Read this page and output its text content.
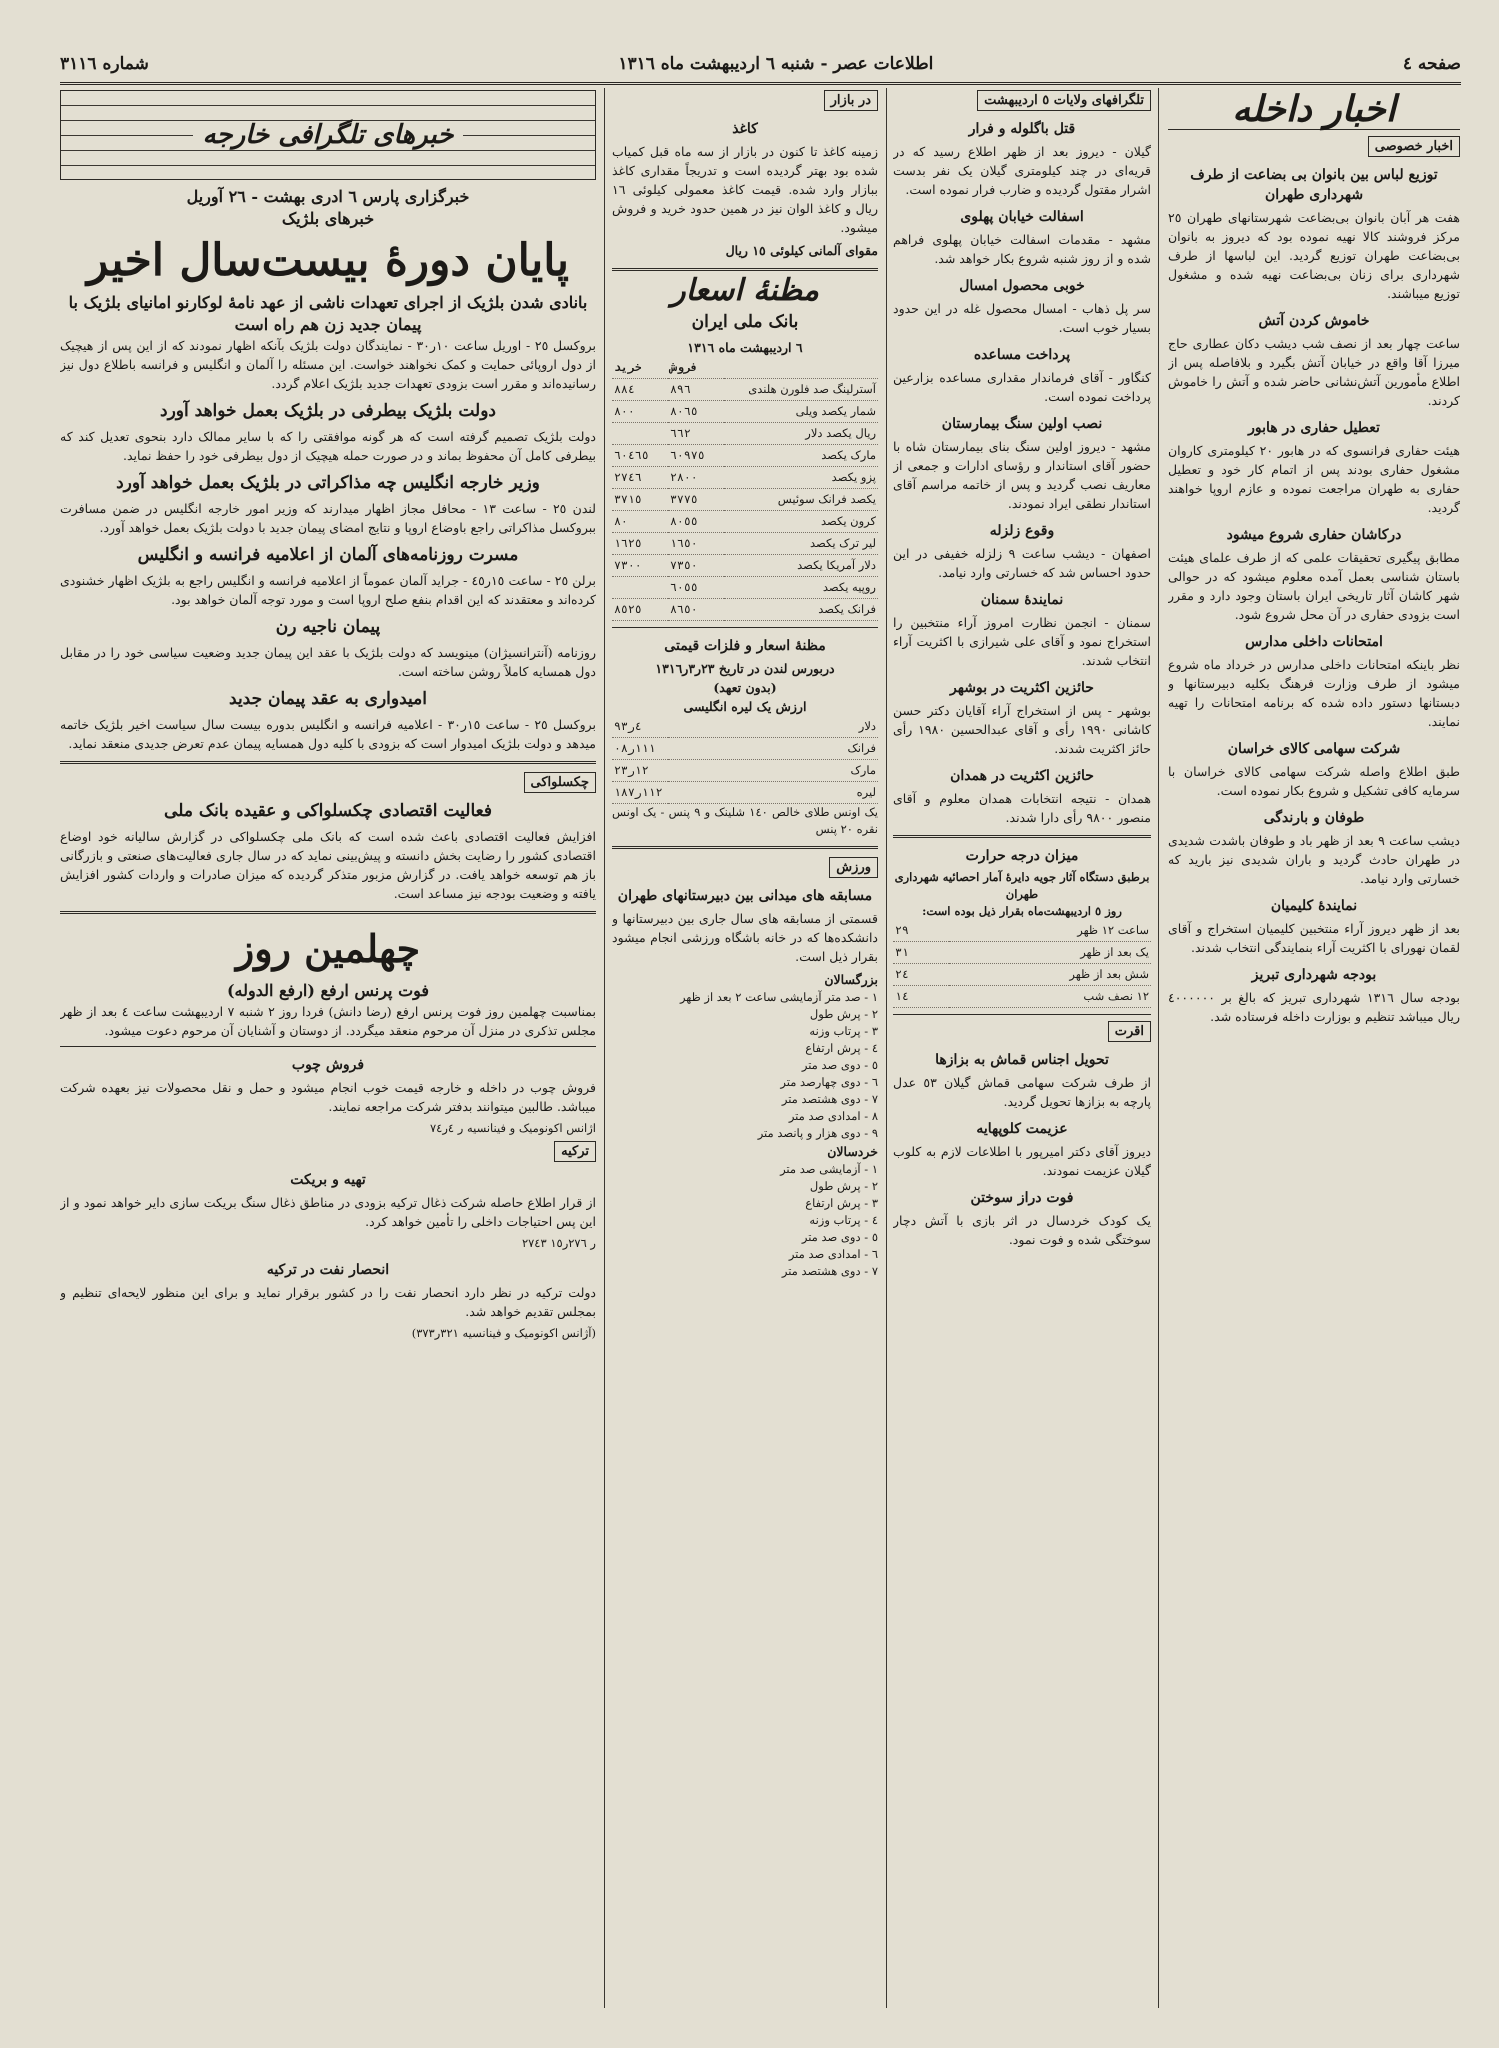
صفحه ٤
اطلاعات عصر - شنبه ٦ ارديبهشت ماه ١٣١٦
شماره ٣١١٦
اخبار داخله
اخبار خصوصی
توزیع لباس بین بانوان بی بضاعت از طرف شهرداری طهران

هفت هر آبان بانوان بی‌بضاعت شهرستانهای طهران ٢٥ مرکز فروشند کالا نهیه نموده بود که دیروز به بانوان بی‌بضاعت طهران توزیع گردید. این لباسها از طرف شهرداری برای زنان بی‌بضاعت نهیه شده و مشغول توزیع میباشند.

خاموش کردن آتش

ساعت چهار بعد از نصف شب دیشب دکان عطاری حاج میرزا آقا واقع در خیابان آتش بگیرد و بلافاصله پس از اطلاع مأمورین آتش‌نشانی حاضر شده و آتش را خاموش کردند.

تعطیل حفاری در هابور

هیئت حفاری فرانسوی که در هابور ٢٠ کیلومتری کاروان مشغول حفاری بودند پس از اتمام کار خود و تعطیل حفاری به طهران مراجعت نموده و عازم اروپا خواهند گردید.

درکاشان حفاری شروع میشود

مطابق پیگیری تحقیقات علمی که از طرف علمای هیئت باستان شناسی بعمل آمده معلوم میشود که در حوالی شهر کاشان آثار تاریخی ایران باستان وجود دارد و مقرر است بزودی حفاری در آن محل شروع شود.

امتحانات داخلی مدارس

نظر باینکه امتحانات داخلی مدارس در خرداد ماه شروع میشود از طرف وزارت فرهنگ بکلیه دبیرستانها و دبستانها دستور داده شده که برنامه امتحانات را تهیه نمایند.

شرکت سهامی کالای خراسان

طبق اطلاع واصله شرکت سهامی کالای خراسان با سرمایه کافی تشکیل و شروع بکار نموده است.

طوفان و بارندگی

دیشب ساعت ٩ بعد از ظهر باد و طوفان باشدت شدیدی در طهران حادث گردید و باران شدیدی نیز بارید که خسارتی وارد نیامد.

نمایندهٔ کلیمیان

بعد از ظهر دیروز آراء منتخبین کلیمیان استخراج و آقای لقمان نهورای با اکثریت آراء بنمایندگی انتخاب شدند.

بودجه شهرداری تبریز

بودجه سال ١٣١٦ شهرداری تبریز که بالغ بر ٤٠٠٠٠٠٠ ریال میباشد تنظیم و بوزارت داخله فرستاده شد.

تلگرافهای ولایات ٥ اردیبهشت
قتل باگلوله و فرار

گیلان - دیروز بعد از ظهر اطلاع رسید که در قریه‌ای در چند کیلومتری گیلان یک نفر بدست اشرار مقتول گردیده و ضارب فرار نموده است.

اسفالت خیابان پهلوی

مشهد - مقدمات اسفالت خیابان پهلوی فراهم شده و از روز شنبه شروع بکار خواهد شد.

خوبی محصول امسال

سر پل ذهاب - امسال محصول غله در این حدود بسیار خوب است.

پرداخت مساعده

کنگاور - آقای فرماندار مقداری مساعده بزارعین پرداخت نموده است.

نصب اولین سنگ بیمارستان

مشهد - دیروز اولین سنگ بنای بیمارستان شاه با حضور آقای استاندار و رؤسای ادارات و جمعی از معاریف نصب گردید و پس از خاتمه مراسم آقای استاندار نطقی ایراد نمودند.

وقوع زلزله

اصفهان - دیشب ساعت ٩ زلزله خفیفی در این حدود احساس شد که خسارتی وارد نیامد.

نمایندهٔ سمنان

سمنان - انجمن نظارت امروز آراء منتخبین را استخراج نمود و آقای علی شیرازی با اکثریت آراء انتخاب شدند.

حائزین اکثریت در بوشهر

بوشهر - پس از استخراج آراء آقایان دکتر حسن کاشانی ١٩٩٠ رأی و آقای عبدالحسین ١٩٨٠ رأی حائز اکثریت شدند.

حائزین اکثریت در همدان

همدان - نتیجه انتخابات همدان معلوم و آقای منصور ٩٨٠٠ رأی دارا شدند.

میزان درجه حرارت
برطبق دستگاه آثار جویه دایرهٔ آمار احصائیه شهرداری طهران
روز ٥ اردیبهشت‌ماه بقرار ذیل بوده است:
ساعت ١٢ ظهر	٢٩
یک بعد از ظهر	٣١
شش بعد از ظهر	٢٤
١٢ نصف شب	١٤
اقرت
تحویل اجناس قماش به بزازها

از طرف شرکت سهامی قماش گیلان ٥٣ عدل پارچه به بزازها تحویل گردید.

عزیمت کلوپهایه

دیروز آقای دکتر امیرپور با اطلاعات لازم به کلوب گیلان عزیمت نمودند.

فوت دراز سوختن

یک کودک خردسال در اثر بازی با آتش دچار سوختگی شده و فوت نمود.

در بازار
کاغذ

زمینه کاغذ تا کنون در بازار از سه ماه قبل کمیاب شده بود بهتر گردیده است و تدریجاً مقداری کاغذ ببازار وارد شده. قیمت کاغذ معمولی کیلوئی ١٦ ریال و کاغذ الوان نیز در همین حدود خرید و فروش میشود.

مقوای آلمانی کیلوئی ١٥ ریال

مظنهٔ اسعار
بانک ملی ایران
٦ اردیبهشت ماه ١٣١٦
	فروش	خرید
آسترلینگ صد فلورن هلندی	٨٩٦	٨٨٤
شمار یکصد ویلی	٨٠٦٥	٨٠٠
ریال یکصد دلار	٦٦٢	
مارک یکصد	٦٠٩٧٥	٦٠٤٦٥
پزو یکصد	٢٨٠٠	٢٧٤٦
یکصد فرانک سوئیس	٣٧٧٥	٣٧١٥
کرون یکصد	٨٠٥٥	٨٠
لیر ترک یکصد	١٦٥٠	١٦٢٥
دلار آمریکا یکصد	٧٣٥٠	٧٣٠٠
روپیه یکصد	٦٠٥٥	
فرانک یکصد	٨٦٥٠	٨٥٢٥
مظنهٔ اسعار و فلزات قیمتی
دربورس لندن در تاریخ ٢٣ر٣ر١٣١٦
(بدون تعهد)
ارزش یک لیره انگلیسی
دلار	٤ر٩٣
فرانک	١١١ر٠٨
مارک	١٢ر٢٣
لیره	١١٢ر١٨٧

یک اونس طلای خالص ١٤٠ شلینک و ٩ پنس - یک اونس نقره ٢٠ پنس

ورزش
مسابقه های میدانی بین دبیرستانهای طهران

قسمتی از مسابقه های سال جاری بین دبیرستانها و دانشکده‌ها که در خانه باشگاه ورزشی انجام میشود بقرار ذیل است.

بزرگسالان
١ - صد متر آزمایشی ساعت ٢ بعد از ظهر
٢ - پرش طول
٣ - پرتاب وزنه
٤ - پرش ارتفاع
٥ - دوی صد متر
٦ - دوی چهارصد متر
٧ - دوی هشتصد متر
٨ - امدادی صد متر
٩ - دوی هزار و پانصد متر
خردسالان
١ - آزمایشی صد متر
٢ - پرش طول
٣ - پرش ارتفاع
٤ - پرتاب وزنه
٥ - دوی صد متر
٦ - امدادی صد متر
٧ - دوی هشتصد متر
خبرهای تلگرافی خارجه
خبرگزاری پارس ٦ ادری بهشت - ٢٦ آوریل
خبرهای بلژیک
پایان دورهٔ بیست‌سال اخیر
بانادی شدن بلژیک از اجرای تعهدات ناشی از عهد نامهٔ لوکارنو امانیای بلژیک با پیمان جدید زن هم راه است

بروکسل ٢٥ - اوریل ساعت ١٠ر٣٠ - نمایندگان دولت بلژیک بآنکه اظهار نمودند که از این پس از هیچیک از دول اروپائی حمایت و کمک نخواهند خواست. این مسئله را آلمان و انگلیس و فرانسه باطلاع دول نیز رسانیده‌اند و مقرر است بزودی تعهدات جدید بلژیک اعلام گردد.

دولت بلژیک بیطرفی در بلژیک بعمل خواهد آورد

دولت بلژیک تصمیم گرفته است که هر گونه موافقتی را که با سایر ممالک دارد بنحوی تعدیل کند که بیطرفی کامل آن محفوظ بماند و در صورت حمله هیچیک از دول بیطرفی خود را حفظ نماید.

وزیر خارجه انگلیس چه مذاکراتی در بلژیک بعمل خواهد آورد

لندن ٢٥ - ساعت ١٣ - محافل مجاز اظهار میدارند که وزیر امور خارجه انگلیس در ضمن مسافرت ببروکسل مذاکراتی راجع باوضاع اروپا و نتایج امضای پیمان جدید با دولت بلژیک بعمل خواهد آورد.

مسرت روزنامه‌های آلمان از اعلامیه فرانسه و انگلیس

برلن ٢٥ - ساعت ١٥ر٤٥ - جراید آلمان عموماً از اعلامیه فرانسه و انگلیس راجع به بلژیک اظهار خشنودی کرده‌اند و معتقدند که این اقدام بنفع صلح اروپا است و مورد توجه آلمان خواهد بود.

پیمان ناجیه رن

روزنامه (آنترانسیژان) مینویسد که دولت بلژیک با عقد این پیمان جدید وضعیت سیاسی خود را در مقابل دول همسایه کاملاً روشن ساخته است.

امیدواری به عقد پیمان جدید

بروکسل ٢٥ - ساعت ١٥ر٣٠ - اعلامیه فرانسه و انگلیس بدوره بیست سال سیاست اخیر بلژیک خاتمه میدهد و دولت بلژیک امیدوار است که بزودی با کلیه دول همسایه پیمان عدم تعرض جدیدی منعقد نماید.

چکسلواکی
فعالیت اقتصادی چکسلواکی و عقیده بانک ملی

افزایش فعالیت اقتصادی باعث شده است که بانک ملی چکسلواکی در گزارش سالیانه خود اوضاع اقتصادی کشور را رضایت بخش دانسته و پیش‌بینی نماید که در سال جاری فعالیت‌های صنعتی و بازرگانی باز هم توسعه خواهد یافت. در گزارش مزبور متذکر گردیده که میزان صادرات و واردات کشور افزایش یافته و وضعیت بودجه نیز مساعد است.

چهلمین روز
فوت پرنس ارفع (ارفع الدوله)

بمناسبت چهلمین روز فوت پرنس ارفع (رضا دانش) فردا روز ٢ شنبه ٧ اردیبهشت ساعت ٤ بعد از ظهر مجلس تذکری در منزل آن مرحوم منعقد میگردد. از دوستان و آشنایان آن مرحوم دعوت میشود.

فروش چوب

فروش چوب در داخله و خارجه قیمت خوب انجام میشود و حمل و نقل محصولات نیز بعهده شرکت میباشد. طالبین میتوانند بدفتر شرکت مراجعه نمایند.

اژانس اکونومیک و فینانسیه ر ٤ر٧٤

ترکیه
تهیه و بریکت

از قرار اطلاع حاصله شرکت ذغال ترکیه بزودی در مناطق ذغال سنگ بریکت سازی دایر خواهد نمود و از این پس احتیاجات داخلی را تأمین خواهد کرد.

ر ٢٧٦ر١٥ ٢٧٤٣

انحصار نفت در ترکیه

دولت ترکیه در نظر دارد انحصار نفت را در کشور برقرار نماید و برای این منظور لایحه‌ای تنظیم و بمجلس تقدیم خواهد شد.

(آژانس اکونومیک و فینانسیه ٣٢١ر٣٧٣)
